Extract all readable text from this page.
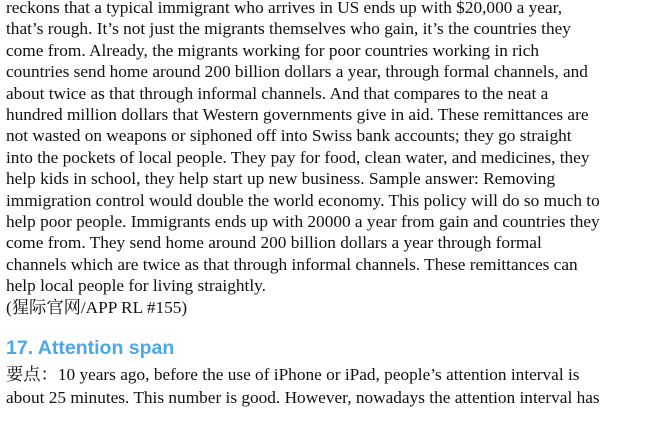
reckons that a typical immigrant who arrives in US ends up with $20,000 a year,
that’s rough. It’s not just the migrants themselves who gain, it’s the countries they
come from. Already, the migrants working for poor countries working in rich
countries send home around 200 billion dollars a year, through formal channels, and
about twice as that through informal channels. And that compares to the neat a
hundred million dollars that Western governments give in aid. These remittances are
not wasted on weapons or siphoned off into Swiss bank accounts; they go straight
into the pockets of local people. They pay for food, clean water, and medicines, they
help kids in school, they help start up new business. Sample answer: Removing
immigration control would double the world economy. This policy will do so much to
help poor people. Immigrants ends up with 20000 a year from gain and countries they
come from. They send home around 200 billion dollars a year through formal
channels which are twice as that through informal channels. These remittances can
help local people for living straightly.

(猩际官网/APP RL #155)

17. Attention span
要点：10 years ago, before the use of iPhone or iPad, people’s attention interval is
about 25 minutes. This number is good. However, nowadays the attention interval has
